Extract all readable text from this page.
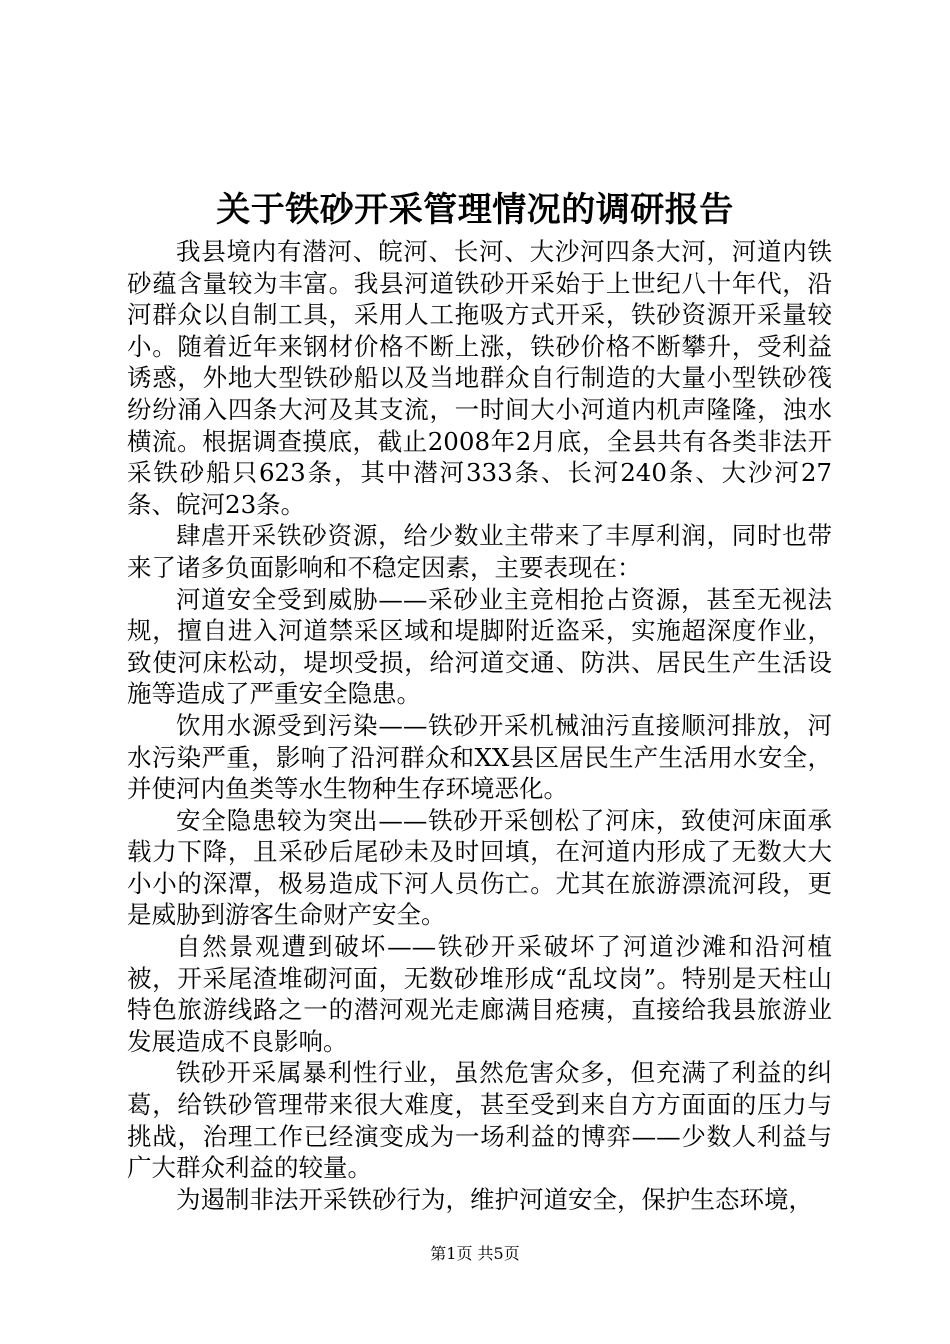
关于铁砂开采管理情况的调研报告

我县境内有潜河、皖河、长河、大沙河四条大河，河道内铁砂蕴含量较为丰富。我县河道铁砂开采始于上世纪八十年代，沿河群众以自制工具，采用人工拖吸方式开采，铁砂资源开采量较小。随着近年来钢材价格不断上涨，铁砂价格不断攀升，受利益诱惑，外地大型铁砂船以及当地群众自行制造的大量小型铁砂筏纷纷涌入四条大河及其支流，一时间大小河道内机声隆隆，浊水横流。根据调查摸底，截止2008年2月底，全县共有各类非法开采铁砂船只623条，其中潜河333条、长河240条、大沙河27条、皖河23条。

肆虐开采铁砂资源，给少数业主带来了丰厚利润，同时也带来了诸多负面影响和不稳定因素，主要表现在：

河道安全受到威胁——采砂业主竞相抢占资源，甚至无视法规，擅自进入河道禁采区域和堤脚附近盗采，实施超深度作业，致使河床松动，堤坝受损，给河道交通、防洪、居民生产生活设施等造成了严重安全隐患。

饮用水源受到污染——铁砂开采机械油污直接顺河排放，河水污染严重，影响了沿河群众和XX县区居民生产生活用水安全，并使河内鱼类等水生物种生存环境恶化。

安全隐患较为突出——铁砂开采刨松了河床，致使河床面承载力下降，且采砂后尾砂未及时回填，在河道内形成了无数大大小小的深潭，极易造成下河人员伤亡。尤其在旅游漂流河段，更是威胁到游客生命财产安全。

自然景观遭到破坏——铁砂开采破坏了河道沙滩和沿河植被，开采尾渣堆砌河面，无数砂堆形成“乱坟岗”。特别是天柱山特色旅游线路之一的潜河观光走廊满目疮痍，直接给我县旅游业发展造成不良影响。

铁砂开采属暴利性行业，虽然危害众多，但充满了利益的纠葛，给铁砂管理带来很大难度，甚至受到来自方方面面的压力与挑战，治理工作已经演变成为一场利益的博弈——少数人利益与广大群众利益的较量。

为遏制非法开采铁砂行为，维护河道安全，保护生态环境，

第1页 共5页
